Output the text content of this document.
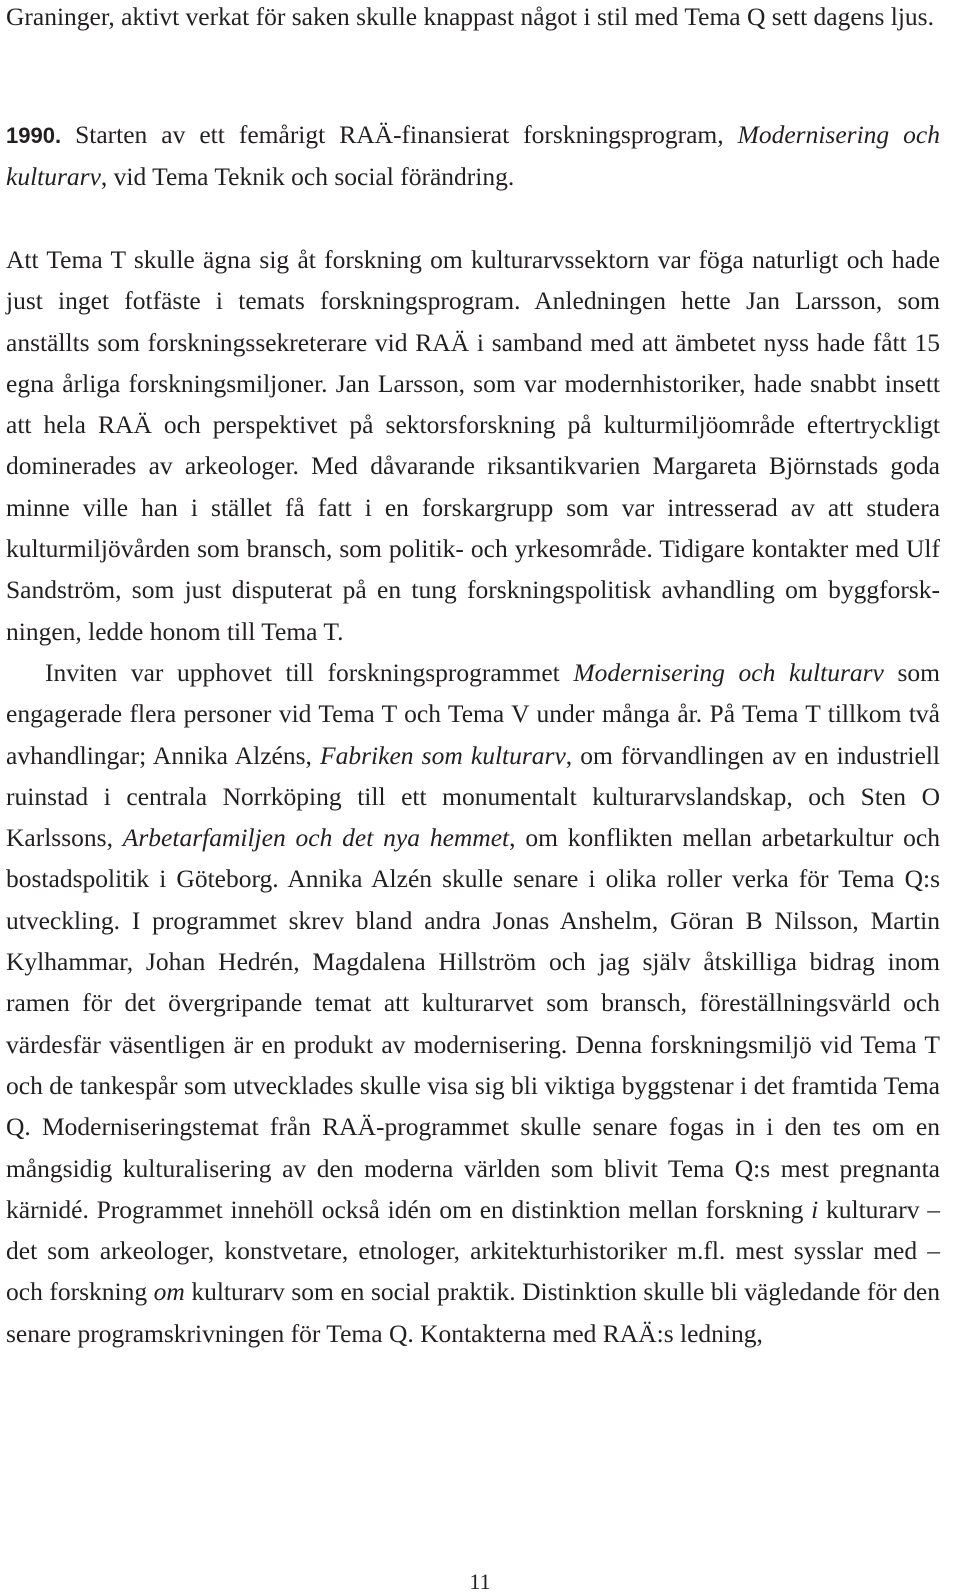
Graninger, aktivt verkat för saken skulle knappast något i stil med Tema Q sett dagens ljus.

1990. Starten av ett femårigt RAÄ-finansierat forskningsprogram, Modernisering och kulturarv, vid Tema Teknik och social förändring.

Att Tema T skulle ägna sig åt forskning om kulturarvssektorn var föga naturligt och hade just inget fotfäste i temats forskningsprogram. Anledningen hette Jan Larsson, som anställts som forskningssekreterare vid RAÄ i samband med att ämbetet nyss hade fått 15 egna årliga forskningsmiljoner. Jan Larsson, som var modernhistoriker, hade snabbt insett att hela RAÄ och perspektivet på sektorsforskning på kulturmiljöområde eftertryckligt dominerades av arkeologer. Med dåvarande riksantikvarien Margareta Björnstads goda minne ville han i stället få fatt i en forskargrupp som var intresserad av att studera kulturmiljövården som bransch, som politik- och yrkesområde. Tidigare kontakter med Ulf Sandström, som just disputerat på en tung forskningspolitisk avhandling om byggforskningen, ledde honom till Tema T.

Inviten var upphovet till forskningsprogrammet Modernisering och kulturarv som engagerade flera personer vid Tema T och Tema V under många år. På Tema T tillkom två avhandlingar; Annika Alzéns, Fabriken som kulturarv, om förvandlingen av en industriell ruinstad i centrala Norrköping till ett monumentalt kulturarvslandskap, och Sten O Karlssons, Arbetarfamiljen och det nya hemmet, om konflikten mellan arbetarkultur och bostadspolitik i Göteborg. Annika Alzén skulle senare i olika roller verka för Tema Q:s utveckling. I programmet skrev bland andra Jonas Anshelm, Göran B Nilsson, Martin Kylhammar, Johan Hedrén, Magdalena Hillström och jag själv åtskilliga bidrag inom ramen för det övergripande temat att kulturarvet som bransch, föreställningsvärld och värdesfär väsentligen är en produkt av modernisering. Denna forskningsmiljö vid Tema T och de tankespår som utvecklades skulle visa sig bli viktiga byggstenar i det framtida Tema Q. Moderniseringstemat från RAÄ-programmet skulle senare fogas in i den tes om en mångsidig kulturalisering av den moderna världen som blivit Tema Q:s mest pregnanta kärnidé. Programmet innehöll också idén om en distinktion mellan forskning i kulturarv – det som arkeologer, konstvetare, etnologer, arkitekturhistoriker m.fl. mest sysslar med – och forskning om kulturarv som en social praktik. Distinktion skulle bli vägledande för den senare programskrivningen för Tema Q. Kontakterna med RAÄ:s ledning,

11
